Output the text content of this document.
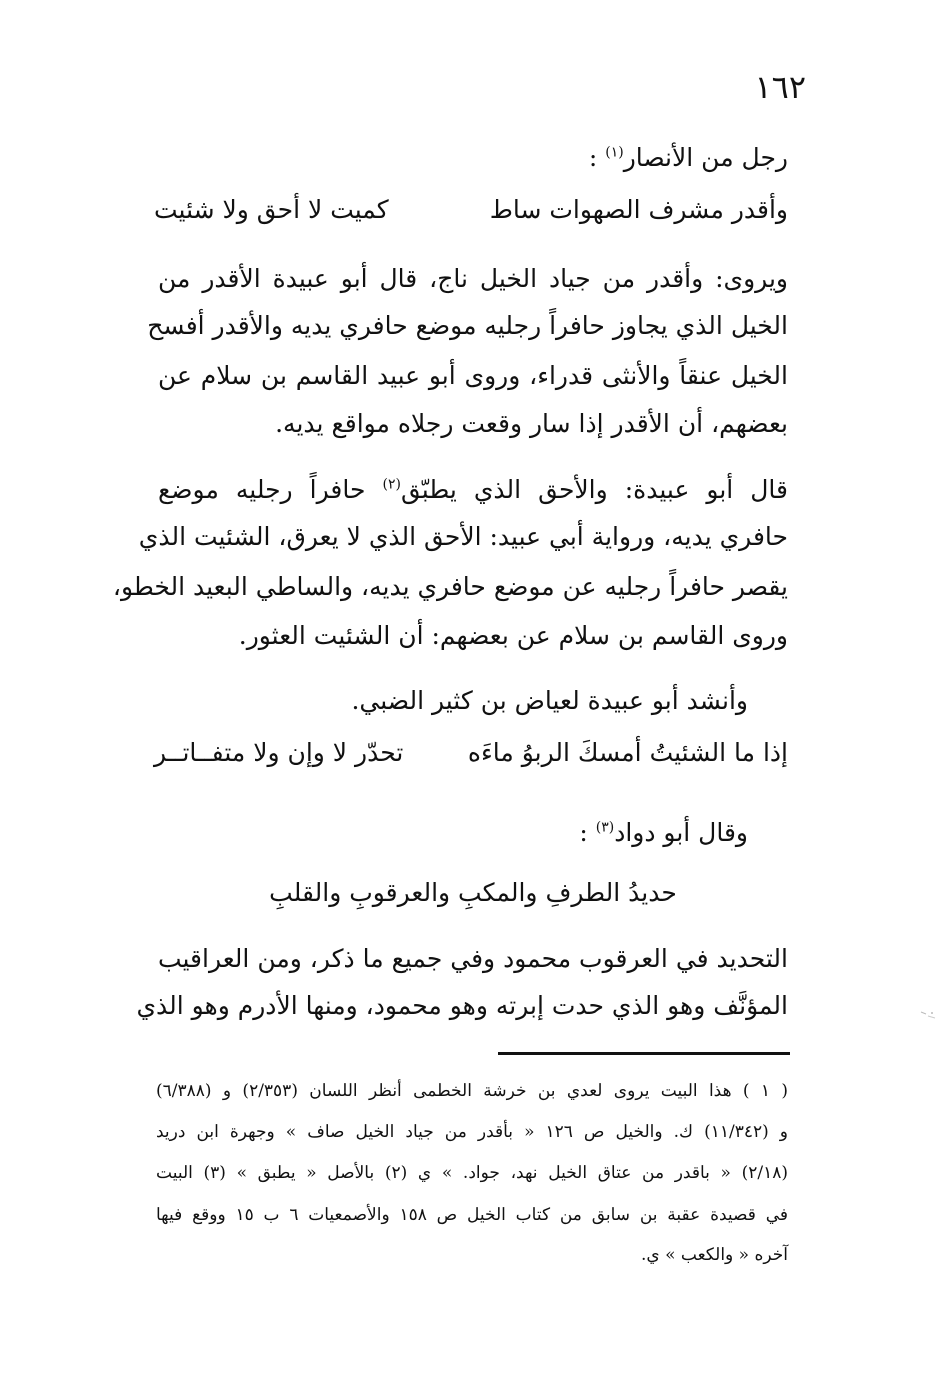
١٦٢
رجل من الأنصار$^{(١)}$ :
وأقدر مشرف الصهوات ساط
كميت لا أحق ولا شئيت
ويروى: وأقدر من جياد الخيل ناج، قال أبو عبيدة الأقدر من
الخيل الذي يجاوز حافراً رجليه موضع حافري يديه والأقدر أفسح
الخيل عنقاً والأنثى قدراء، وروى أبو عبيد القاسم بن سلام عن
بعضهم، أن الأقدر إذا سار وقعت رجلاه مواقع يديه.
قال أبو عبيدة: والأحق الذي يطبّق$^{(٢)}$ حافراً رجليه موضع
حافري يديه، ورواية أبي عبيد: الأحق الذي لا يعرق، الشئيت الذي
يقصر حافراً رجليه عن موضع حافري يديه، والساطي البعيد الخطو،
وروى القاسم بن سلام عن بعضهم: أن الشئيت العثور.
وأنشد أبو عبيدة لعياض بن كثير الضبي.
إذا ما الشئيتُ أمسكَ الربوُ ماءَه
تحدّر لا وإن ولا متفــاتــر
وقال أبو دواد$^{(٣)}$ :
حديدُ الطرفِ والمكبِ والعرقوبِ والقلبِ
التحديد في العرقوب محمود وفي جميع ما ذكر، ومن العراقيب
المؤنَّف وهو الذي حدت إبرته وهو محمود، ومنها الأدرم وهو الذي
( ١ ) هذا البيت يروى لعدي بن خرشة الخطمى أنظر اللسان (٢/٣٥٣) و (٦/٣٨٨)
و (١١/٣٤٢) ك. والخيل ص ١٢٦ « بأقدر من جياد الخيل صاف » وجهرة ابن دريد
(٢/١٨) « باقدر من عتاق الخيل نهد، جواد. » ي (٢) بالأصل « يطبق » (٣) البيت
في قصيدة عقبة بن سابق من كتاب الخيل ص ١٥٨ والأصمعيات ٦ ب ١٥ ووقع فيها
آخره « والكعب » ي.
